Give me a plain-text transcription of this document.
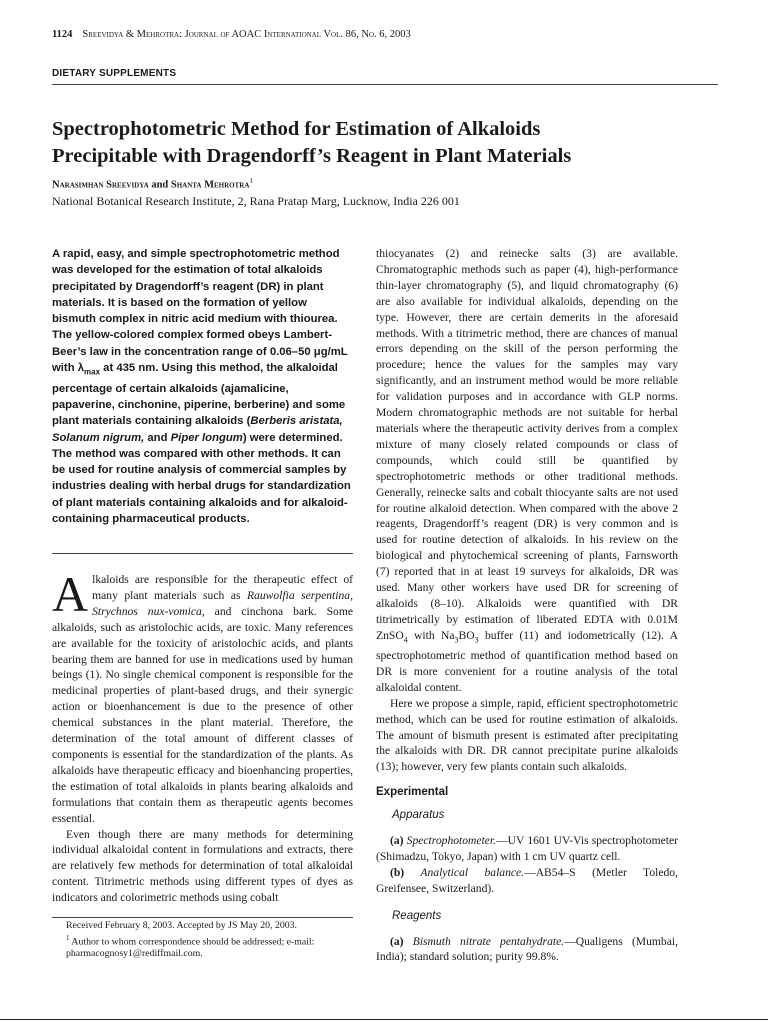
1124 Sreevidya & Mehrotra: Journal of AOAC International Vol. 86, No. 6, 2003
DIETARY SUPPLEMENTS
Spectrophotometric Method for Estimation of Alkaloids
Precipitable with Dragendorff’s Reagent in Plant Materials
Narasimhan Sreevidya and Shanta Mehrotra$^1$
National Botanical Research Institute, 2, Rana Pratap Marg, Lucknow, India 226 001
A rapid, easy, and simple spectrophotometric method was developed for the estimation of total alkaloids precipitated by Dragendorff’s reagent (DR) in plant materials. It is based on the formation of yellow bismuth complex in nitric acid medium with thiourea. The yellow-colored complex formed obeys Lambert-Beer’s law in the concentration range of 0.06–50 μg/mL with $\lambda_{max}$ at 435 nm. Using this method, the alkaloidal percentage of certain alkaloids (ajamalicine, papaverine, cinchonine, piperine, berberine) and some plant materials containing alkaloids (Berberis aristata, Solanum nigrum, and Piper longum) were determined. The method was compared with other methods. It can be used for routine analysis of commercial samples by industries dealing with herbal drugs for standardization of plant materials containing alkaloids and for alkaloid-containing pharmaceutical products.

Alkaloids are responsible for the therapeutic effect of many plant materials such as Rauwolfia serpentina, Strychnos nux-vomica, and cinchona bark. Some alkaloids, such as aristolochic acids, are toxic. Many references are available for the toxicity of aristolochic acids, and plants bearing them are banned for use in medications used by human beings (1). No single chemical component is responsible for the medicinal properties of plant-based drugs, and their synergic action or bioenhancement is due to the presence of other chemical substances in the plant material. Therefore, the determination of the total amount of different classes of components is essential for the standardization of the plants. As alkaloids have therapeutic efficacy and bioenhancing properties, the estimation of total alkaloids in plants bearing alkaloids and formulations that contain them as therapeutic agents becomes essential.

Even though there are many methods for determining individual alkaloidal content in formulations and extracts, there are relatively few methods for determination of total alkaloidal content. Titrimetric methods using different types of dyes as indicators and colorimetric methods using cobalt

Received February 8, 2003. Accepted by JS May 20, 2003.
$^1$ Author to whom correspondence should be addressed; e-mail: pharmacognosy1@rediffmail.com.

thiocyanates (2) and reinecke salts (3) are available. Chromatographic methods such as paper (4), high-performance thin-layer chromatography (5), and liquid chromatography (6) are also available for individual alkaloids, depending on the type. However, there are certain demerits in the aforesaid methods. With a titrimetric method, there are chances of manual errors depending on the skill of the person performing the procedure; hence the values for the samples may vary significantly, and an instrument method would be more reliable for validation purposes and in accordance with GLP norms. Modern chromatographic methods are not suitable for herbal materials where the therapeutic activity derives from a complex mixture of many closely related compounds or class of compounds, which could still be quantified by spectrophotometric methods or other traditional methods. Generally, reinecke salts and cobalt thiocyante salts are not used for routine alkaloid detection. When compared with the above 2 reagents, Dragendorff’s reagent (DR) is very common and is used for routine detection of alkaloids. In his review on the biological and phytochemical screening of plants, Farnsworth (7) reported that in at least 19 surveys for alkaloids, DR was used. Many other workers have used DR for screening of alkaloids (8–10). Alkaloids were quantified with DR titrimetrically by estimation of liberated EDTA with 0.01M ZnSO$_4$ with $Na_3BO_3$ buffer (11) and iodometrically (12). A spectrophotometric method of quantification method based on DR is more convenient for a routine analysis of the total alkaloidal content.

Here we propose a simple, rapid, efficient spectrophotometric method, which can be used for routine estimation of alkaloids. The amount of bismuth present is estimated after precipitating the alkaloids with DR. DR cannot precipitate purine alkaloids (13); however, very few plants contain such alkaloids.

Experimental
Apparatus

(a) Spectrophotometer.—UV 1601 UV-Vis spectrophotometer (Shimadzu, Tokyo, Japan) with 1 cm UV quartz cell.

(b) Analytical balance.—AB54–S (Metler Toledo, Greifensee, Switzerland).

Reagents

(a) Bismuth nitrate pentahydrate.—Qualigens (Mumbai, India); standard solution; purity 99.8%.
